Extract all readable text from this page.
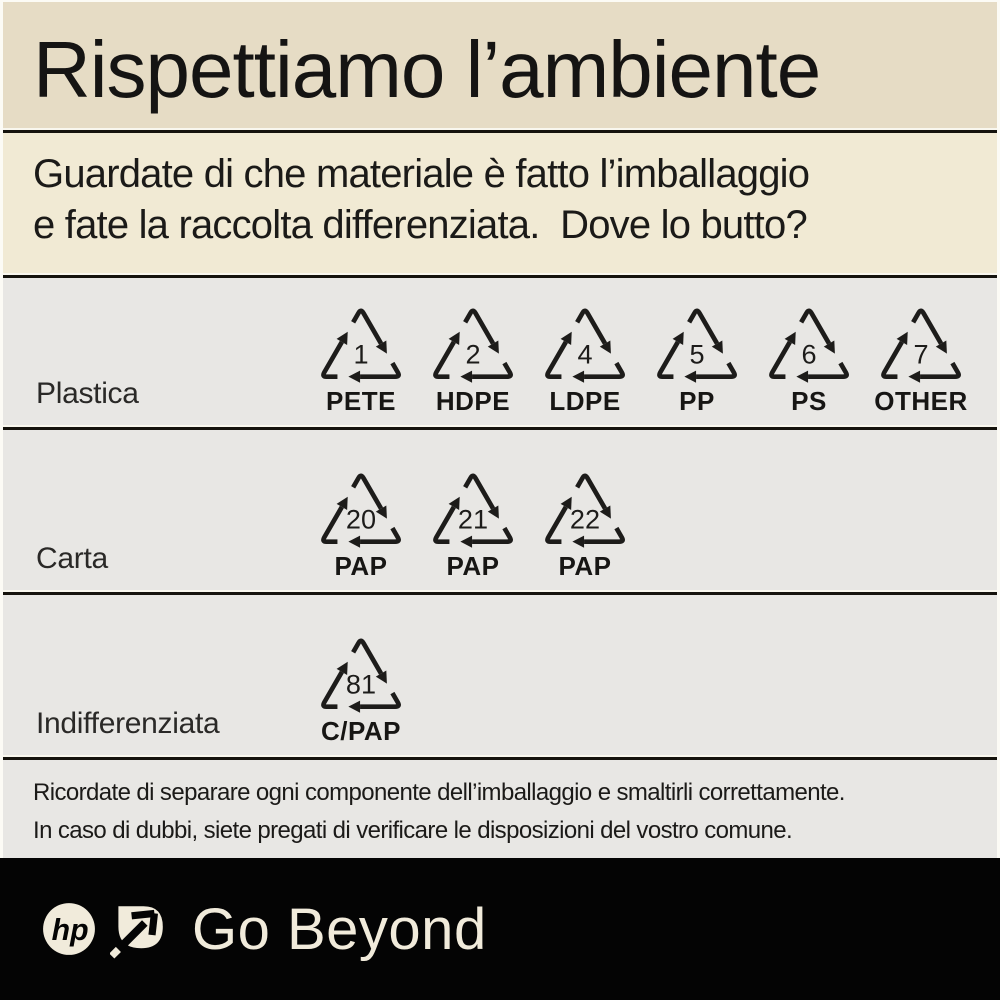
Rispettiamo l’ambiente
Guardate di che materiale è fatto l’imballaggio
e fate la raccolta differenziata.  Dove lo butto?
Plastica
1
PETE
2
HDPE
4
LDPE
5
PP
6
PS
7
OTHER
Carta
20
PAP
21
PAP
22
PAP
Indifferenziata
81
C/PAP
Ricordate di separare ogni componente dell’imballaggio e smaltirli correttamente.
In caso di dubbi, siete pregati di verificare le disposizioni del vostro comune.
hp Go Beyond
